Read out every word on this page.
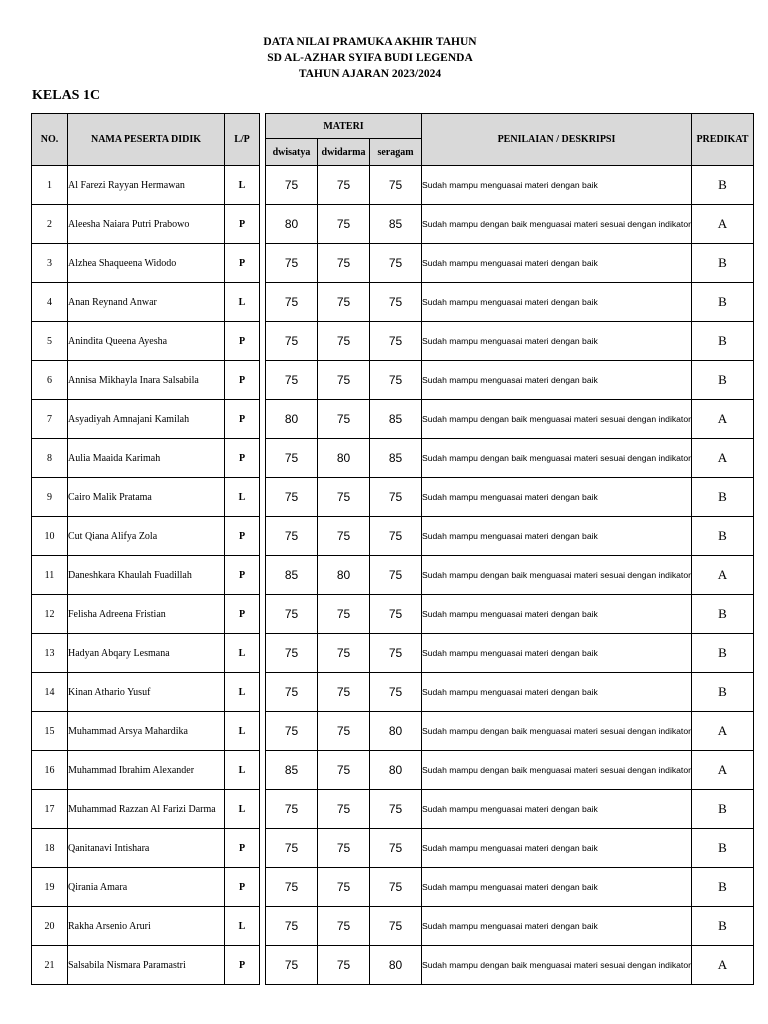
DATA NILAI PRAMUKA AKHIR TAHUN
SD AL-AZHAR SYIFA BUDI LEGENDA
TAHUN AJARAN 2023/2024
KELAS 1C
NO.	NAMA PESERTA DIDIK	L/P		MATERI			PENILAIAN / DESKRIPSI	PREDIKAT
				dwisatya	dwidarma	seragam		
1	Al Farezi Rayyan Hermawan	L		75	75	75	Sudah mampu menguasai materi dengan baik	B
2	Aleesha Naiara Putri Prabowo	P		80	75	85	Sudah mampu dengan baik menguasai materi sesuai dengan indikator	A
3	Alzhea Shaqueena Widodo	P		75	75	75	Sudah mampu menguasai materi dengan baik	B
4	Anan Reynand Anwar	L		75	75	75	Sudah mampu menguasai materi dengan baik	B
5	Anindita Queena Ayesha	P		75	75	75	Sudah mampu menguasai materi dengan baik	B
6	Annisa Mikhayla Inara Salsabila	P		75	75	75	Sudah mampu menguasai materi dengan baik	B
7	Asyadiyah Amnajani Kamilah	P		80	75	85	Sudah mampu dengan baik menguasai materi sesuai dengan indikator	A
8	Aulia Maaida Karimah	P		75	80	85	Sudah mampu dengan baik menguasai materi sesuai dengan indikator	A
9	Cairo Malik Pratama	L		75	75	75	Sudah mampu menguasai materi dengan baik	B
10	Cut Qiana Alifya Zola	P		75	75	75	Sudah mampu menguasai materi dengan baik	B
11	Daneshkara Khaulah Fuadillah	P		85	80	75	Sudah mampu dengan baik menguasai materi sesuai dengan indikator	A
12	Felisha Adreena Fristian	P		75	75	75	Sudah mampu menguasai materi dengan baik	B
13	Hadyan Abqary Lesmana	L		75	75	75	Sudah mampu menguasai materi dengan baik	B
14	Kinan Athario Yusuf	L		75	75	75	Sudah mampu menguasai materi dengan baik	B
15	Muhammad Arsya Mahardika	L		75	75	80	Sudah mampu dengan baik menguasai materi sesuai dengan indikator	A
16	Muhammad Ibrahim Alexander	L		85	75	80	Sudah mampu dengan baik menguasai materi sesuai dengan indikator	A
17	Muhammad Razzan Al Farizi Darma	L		75	75	75	Sudah mampu menguasai materi dengan baik	B
18	Qanitanavi Intishara	P		75	75	75	Sudah mampu menguasai materi dengan baik	B
19	Qirania Amara	P		75	75	75	Sudah mampu menguasai materi dengan baik	B
20	Rakha Arsenio Aruri	L		75	75	75	Sudah mampu menguasai materi dengan baik	B
21	Salsabila Nismara Paramastri	P		75	75	80	Sudah mampu dengan baik menguasai materi sesuai dengan indikator	A
